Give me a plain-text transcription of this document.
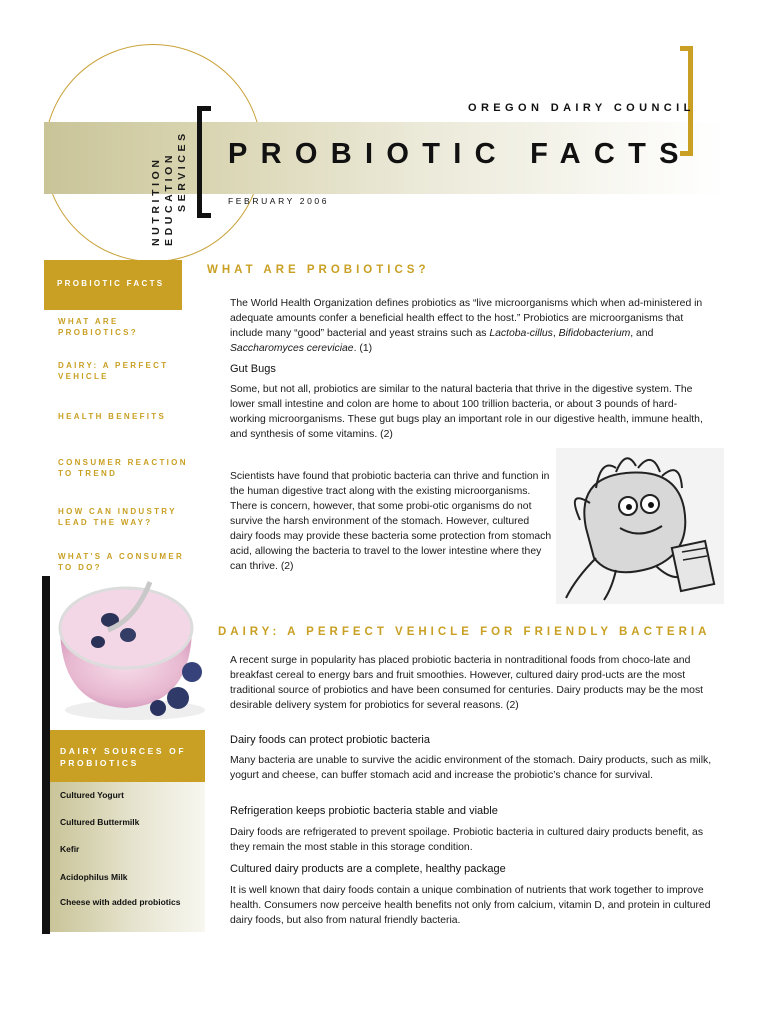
NUTRITION EDUCATION SERVICES
OREGON DAIRY COUNCIL
PROBIOTIC FACTS
FEBRUARY 2006
PROBIOTIC FACTS
WHAT ARE PROBIOTICS?
DAIRY: A PERFECT
VEHICLE
HEALTH BENEFITS
CONSUMER REACTION
TO TREND
HOW CAN INDUSTRY
LEAD THE WAY?
WHAT'S A CONSUMER
TO DO?
DAIRY SOURCES OF
PROBIOTICS
Cultured Yogurt
Cultured Buttermilk
Kefir
Acidophilus Milk
Cheese with added probiotics
WHAT ARE PROBIOTICS?
The World Health Organization defines probiotics as “live microorganisms which when ad-ministered in adequate amounts confer a beneficial health effect to the host.” Probiotics are microorganisms that include many “good” bacterial and yeast strains such as Lactoba-cillus, Bifidobacterium, and Saccharomyces cereviciae. (1)
Gut Bugs
Some, but not all, probiotics are similar to the natural bacteria that thrive in the digestive system. The lower small intestine and colon are home to about 100 trillion bacteria, or about 3 pounds of hard-working microorganisms. These gut bugs play an important role in our digestive health, immune health, and synthesis of some vitamins. (2)
Scientists have found that probiotic bacteria can thrive and function in the human digestive tract along with the existing microorganisms. There is concern, however, that some probi-otic organisms do not survive the harsh environment of the stomach. However, cultured dairy foods may provide these bacteria some protection from stomach acid, allowing the bacteria to travel to the lower intestine where they can thrive. (2)
DAIRY: A PERFECT VEHICLE FOR FRIENDLY BACTERIA
A recent surge in popularity has placed probiotic bacteria in nontraditional foods from choco-late and breakfast cereal to energy bars and fruit smoothies. However, cultured dairy prod-ucts are the most traditional source of probiotics and have been consumed for centuries. Dairy products may be the most desirable delivery system for probiotics for several reasons. (2)
Dairy foods can protect probiotic bacteria
Many bacteria are unable to survive the acidic environment of the stomach. Dairy products, such as milk, yogurt and cheese, can buffer stomach acid and increase the probiotic’s chance for survival.
Refrigeration keeps probiotic bacteria stable and viable
Dairy foods are refrigerated to prevent spoilage. Probiotic bacteria in cultured dairy products benefit, as they remain the most stable in this storage condition.
Cultured dairy products are a complete, healthy package
It is well known that dairy foods contain a unique combination of nutrients that work together to improve health. Consumers now perceive health benefits not only from calcium, vitamin D, and protein in cultured dairy foods, but also from natural friendly bacteria.
